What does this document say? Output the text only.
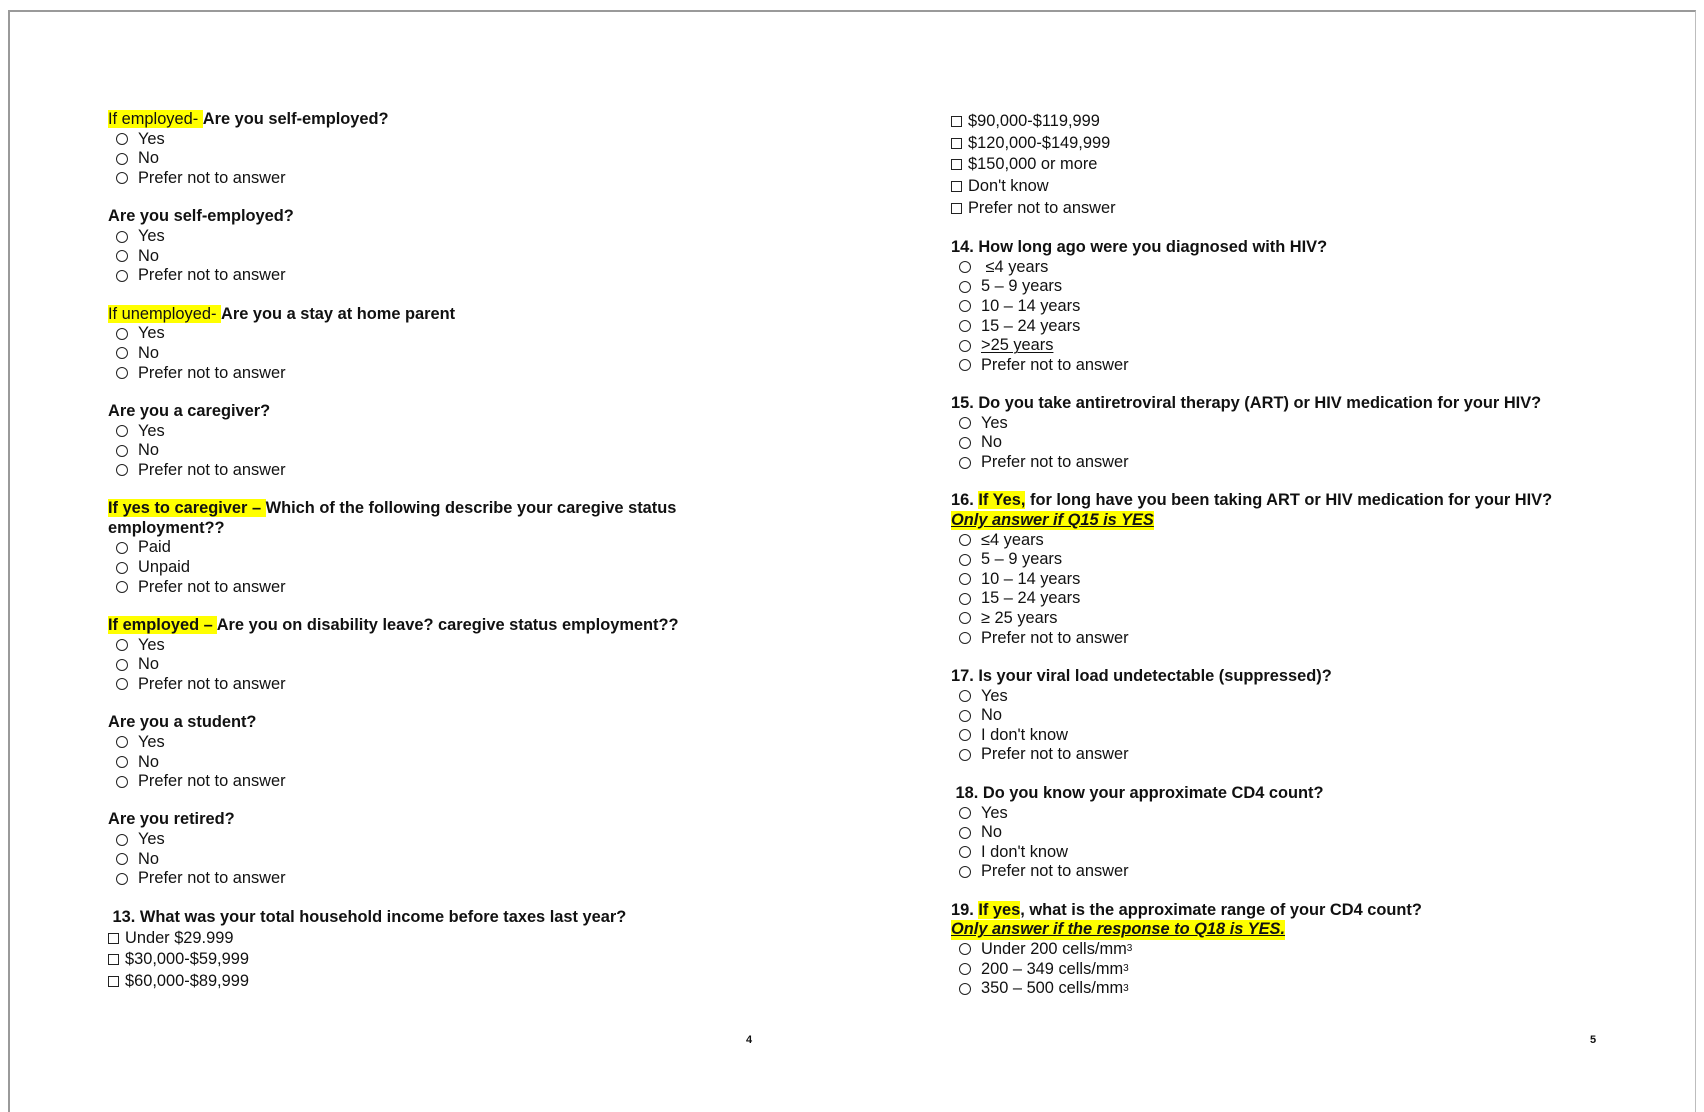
If employed- Are you self-employed?
Yes
No
Prefer not to answer
Are you self-employed?
Yes
No
Prefer not to answer
If unemployed- Are you a stay at home parent
Yes
No
Prefer not to answer
Are you a caregiver?
Yes
No
Prefer not to answer
If yes to caregiver – Which of the following describe your caregive status employment??
Paid
Unpaid
Prefer not to answer
If employed – Are you on disability leave? caregive status employment??
Yes
No
Prefer not to answer
Are you a student?
Yes
No
Prefer not to answer
Are you retired?
Yes
No
Prefer not to answer
13. What was your total household income before taxes last year?
Under $29.999
$30,000-$59,999
$60,000-$89,999
4
$90,000-$119,999
$120,000-$149,999
$150,000 or more
Don't know
Prefer not to answer
14. How long ago were you diagnosed with HIV?
≤4 years
5 – 9 years
10 – 14 years
15 – 24 years
>25 years
Prefer not to answer
15. Do you take antiretroviral therapy (ART) or HIV medication for your HIV?
Yes
No
Prefer not to answer
16. If Yes, for long have you been taking ART or HIV medication for your HIV?
Only answer if Q15 is YES
≤4 years
5 – 9 years
10 – 14 years
15 – 24 years
≥ 25 years
Prefer not to answer
17. Is your viral load undetectable (suppressed)?
Yes
No
I don't know
Prefer not to answer
18. Do you know your approximate CD4 count?
Yes
No
I don't know
Prefer not to answer
19. If yes, what is the approximate range of your CD4 count?
Only answer if the response to Q18 is YES.
Under 200 cells/mm 3
200 – 349 cells/mm 3
350 – 500 cells/mm 3
5
